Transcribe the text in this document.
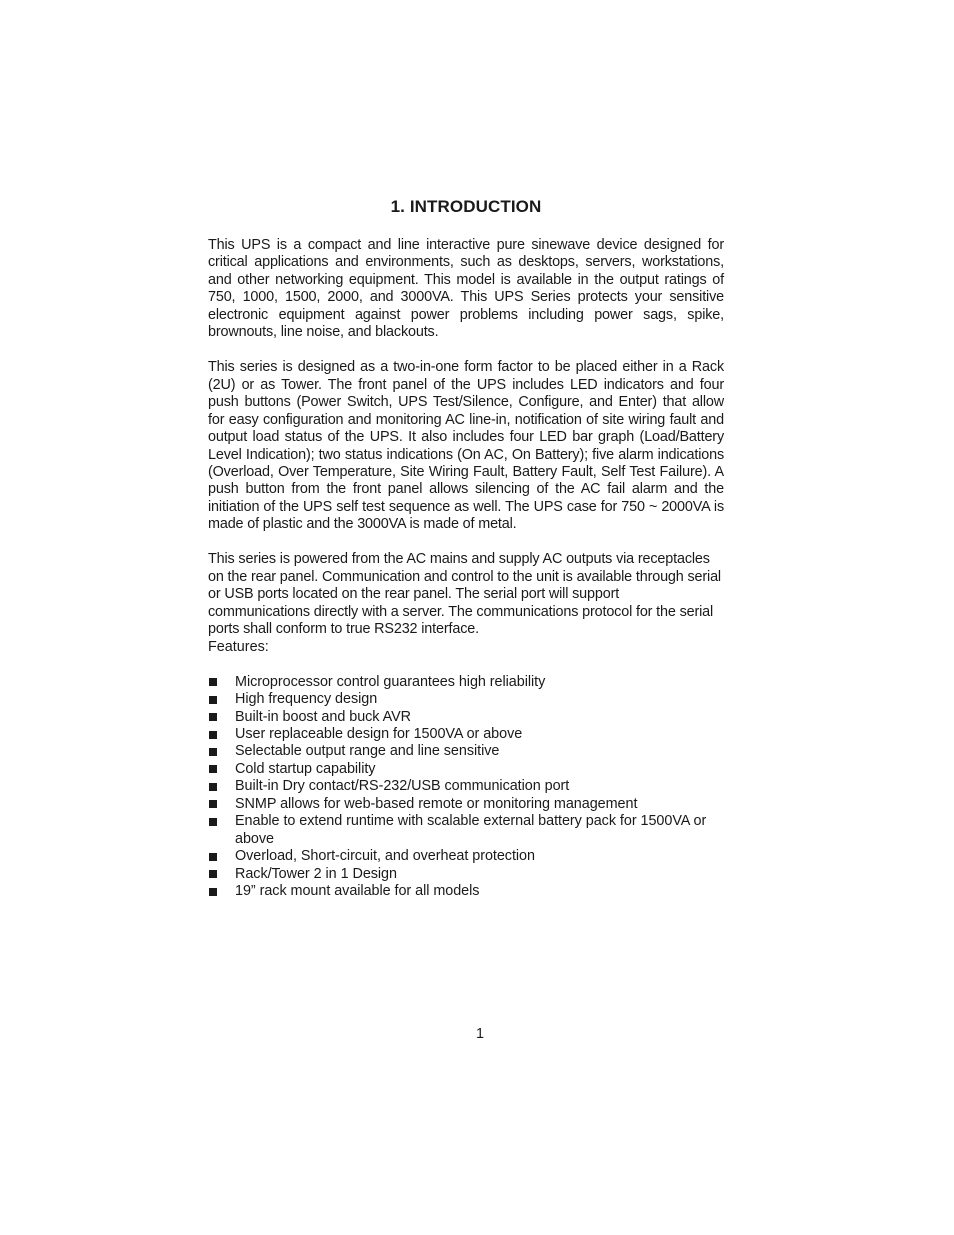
1. INTRODUCTION

This UPS is a compact and line interactive pure sinewave device designed for critical applications and environments, such as desktops, servers, workstations, and other networking equipment. This model is available in the output ratings of 750, 1000, 1500, 2000, and 3000VA. This UPS Series protects your sensitive electronic equipment against power problems including power sags, spike, brownouts, line noise, and blackouts.

This series is designed as a two-in-one form factor to be placed either in a Rack (2U) or as Tower. The front panel of the UPS includes LED indicators and four push buttons (Power Switch, UPS Test/Silence, Configure, and Enter) that allow for easy configuration and monitoring AC line-in, notification of site wiring fault and output load status of the UPS. It also includes four LED bar graph (Load/Battery Level Indication); two status indications (On AC, On Battery); five alarm indications (Overload, Over Temperature, Site Wiring Fault, Battery Fault, Self Test Failure). A push button from the front panel allows silencing of the AC fail alarm and the initiation of the UPS self test sequence as well. The UPS case for 750 ~ 2000VA is made of plastic and the 3000VA is made of metal.

This series is powered from the AC mains and supply AC outputs via receptacles on the rear panel. Communication and control to the unit is available through serial or USB ports located on the rear panel. The serial port will support communications directly with a server. The communications protocol for the serial ports shall conform to true RS232 interface.

Features:
Microprocessor control guarantees high reliability
High frequency design
Built-in boost and buck AVR
User replaceable design for 1500VA or above
Selectable output range and line sensitive
Cold startup capability
Built-in Dry contact/RS-232/USB communication port
SNMP allows for web-based remote or monitoring management
Enable to extend runtime with scalable external battery pack for 1500VA or above
Overload, Short-circuit, and overheat protection
Rack/Tower 2 in 1 Design
19” rack mount available for all models
1
